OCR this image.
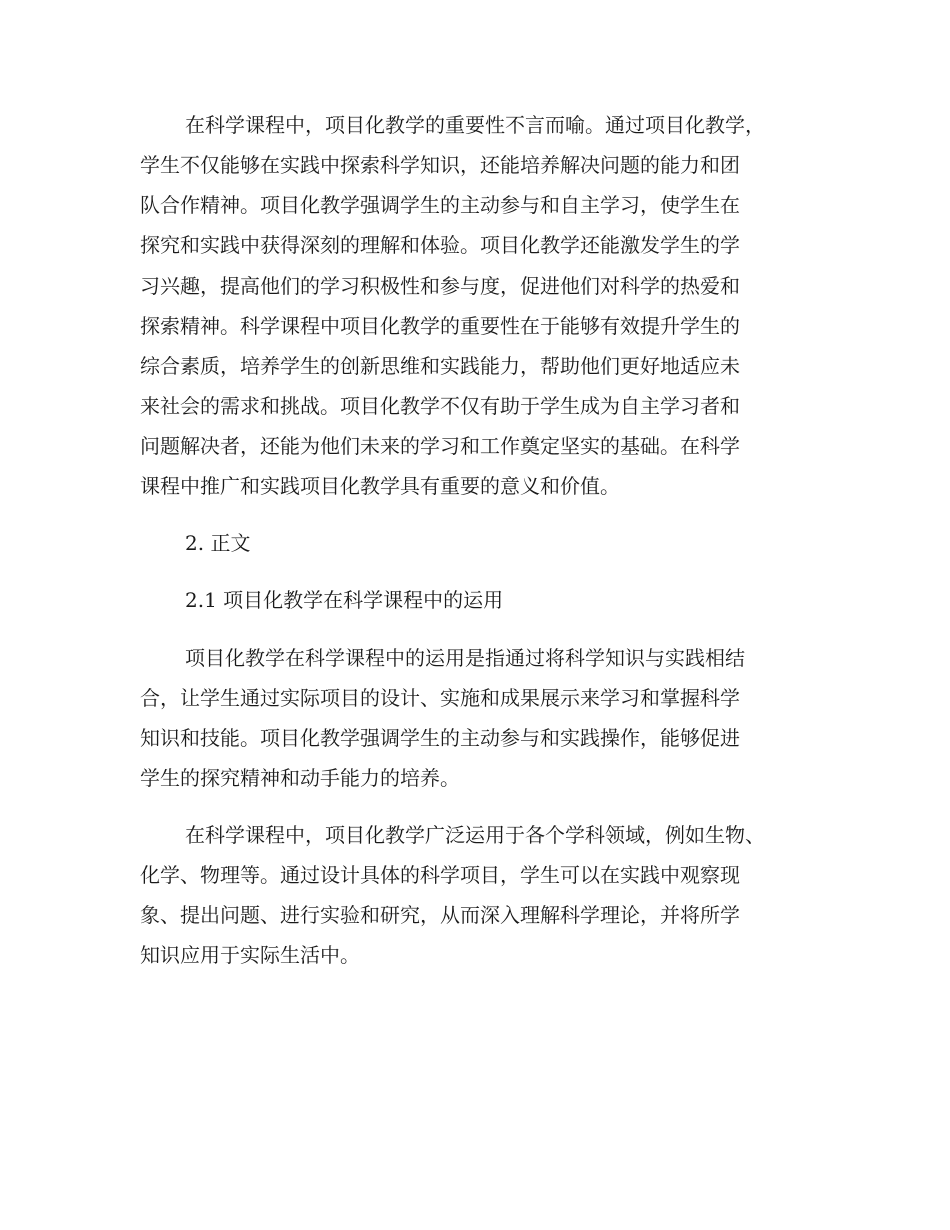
在科学课程中，项目化教学的重要性不言而喻。通过项目化教学，

学生不仅能够在实践中探索科学知识，还能培养解决问题的能力和团

队合作精神。项目化教学强调学生的主动参与和自主学习，使学生在

探究和实践中获得深刻的理解和体验。项目化教学还能激发学生的学

习兴趣，提高他们的学习积极性和参与度，促进他们对科学的热爱和

探索精神。科学课程中项目化教学的重要性在于能够有效提升学生的

综合素质，培养学生的创新思维和实践能力，帮助他们更好地适应未

来社会的需求和挑战。项目化教学不仅有助于学生成为自主学习者和

问题解决者，还能为他们未来的学习和工作奠定坚实的基础。在科学

课程中推广和实践项目化教学具有重要的意义和价值。

2. 正文
2.1 项目化教学在科学课程中的运用

项目化教学在科学课程中的运用是指通过将科学知识与实践相结

合，让学生通过实际项目的设计、实施和成果展示来学习和掌握科学

知识和技能。项目化教学强调学生的主动参与和实践操作，能够促进

学生的探究精神和动手能力的培养。

在科学课程中，项目化教学广泛运用于各个学科领域，例如生物、

化学、物理等。通过设计具体的科学项目，学生可以在实践中观察现

象、提出问题、进行实验和研究，从而深入理解科学理论，并将所学

知识应用于实际生活中。
